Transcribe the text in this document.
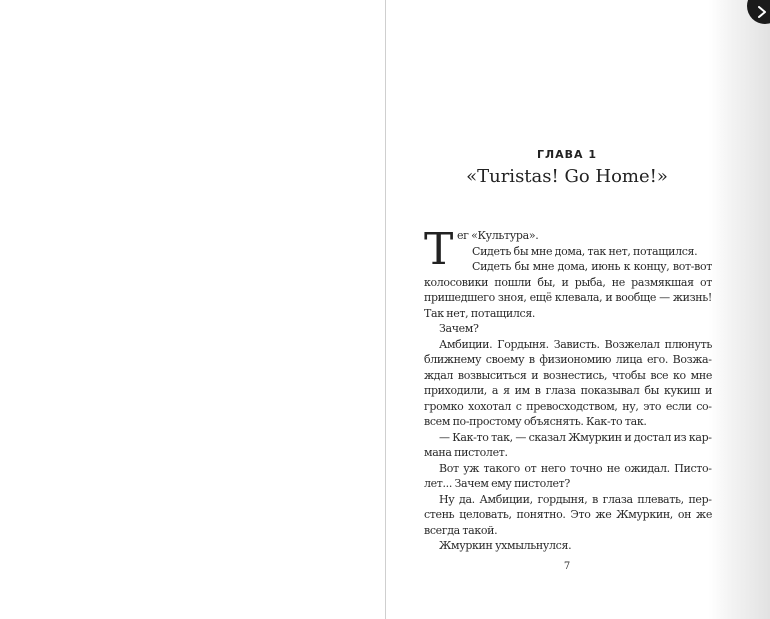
ГЛАВА 1
«Turistas! Go Home!»

Тег «Культура».

Сидеть бы мне дома, так нет, потащился.

Сидеть бы мне дома, июнь к концу, вот-вот колосовики пошли бы, и рыба, не размякшая от пришедшего зноя, ещё клевала, и вообще — жизнь! Так нет, потащился.

Зачем?

Амбиции. Гордыня. Зависть. Возжелал плюнуть ближнему своему в физиономию лица его. Возжаждал возвыситься и вознестись, чтобы все ко мне приходили, а я им в глаза показывал бы кукиш и громко хохотал с превосходством, ну, это если совсем по-простому объяснять. Как-то так.

— Как-то так, — сказал Жмуркин и достал из кармана пистолет.

Вот уж такого от него точно не ожидал. Пистолет... Зачем ему пистолет?

Ну да. Амбиции, гордыня, в глаза плевать, перстень целовать, понятно. Это же Жмуркин, он же всегда такой.

Жмуркин ухмыльнулся.

7
